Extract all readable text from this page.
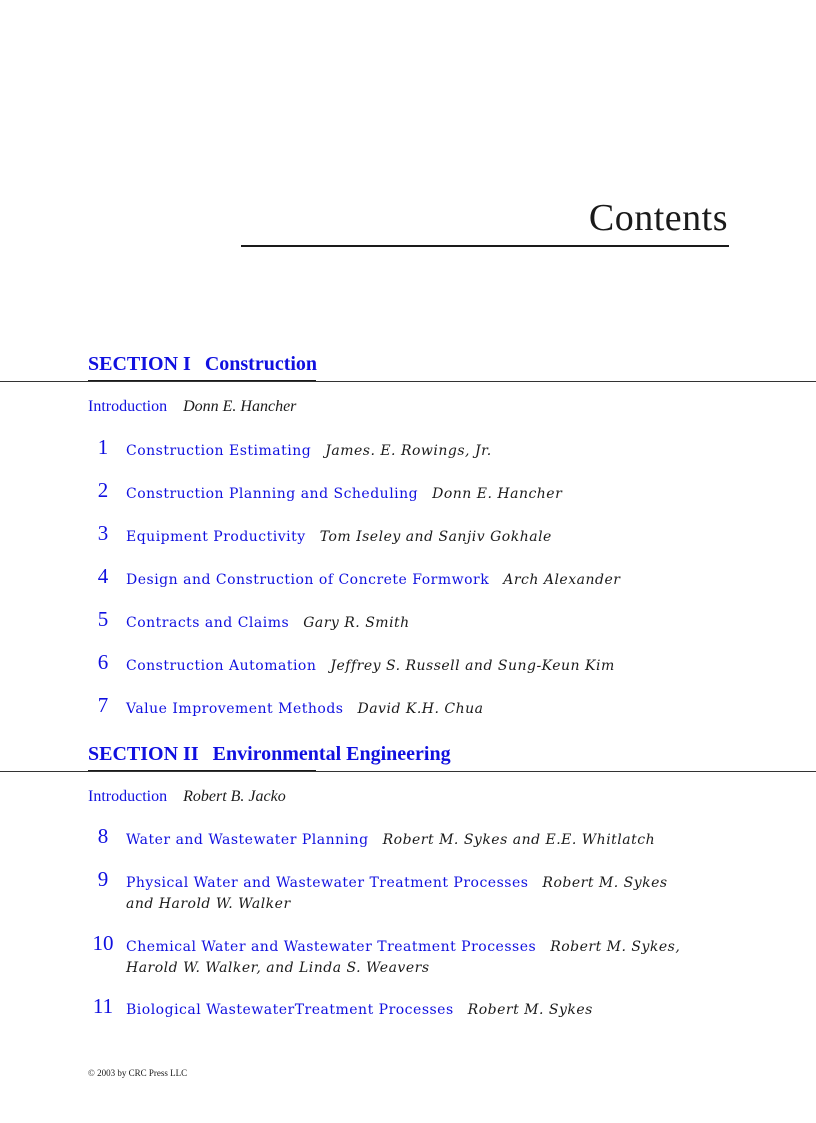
Contents
SECTION I Construction
Introduction Donn E. Hancher
1	Construction Estimating James. E. Rowings, Jr.
2	Construction Planning and Scheduling Donn E. Hancher
3	Equipment Productivity Tom Iseley and Sanjiv Gokhale
4	Design and Construction of Concrete Formwork Arch Alexander
5	Contracts and Claims Gary R. Smith
6	Construction Automation Jeffrey S. Russell and Sung-Keun Kim
7	Value Improvement Methods David K.H. Chua
SECTION II Environmental Engineering
Introduction Robert B. Jacko
8	Water and Wastewater Planning Robert M. Sykes and E.E. Whitlatch
9	Physical Water and Wastewater Treatment Processes Robert M. Sykes and Harold W. Walker
10 Chemical Water and Wastewater Treatment Processes Robert M. Sykes, Harold W. Walker, and Linda S. Weavers
11 Biological WastewaterTreatment Processes Robert M. Sykes
© 2003 by CRC Press LLC
